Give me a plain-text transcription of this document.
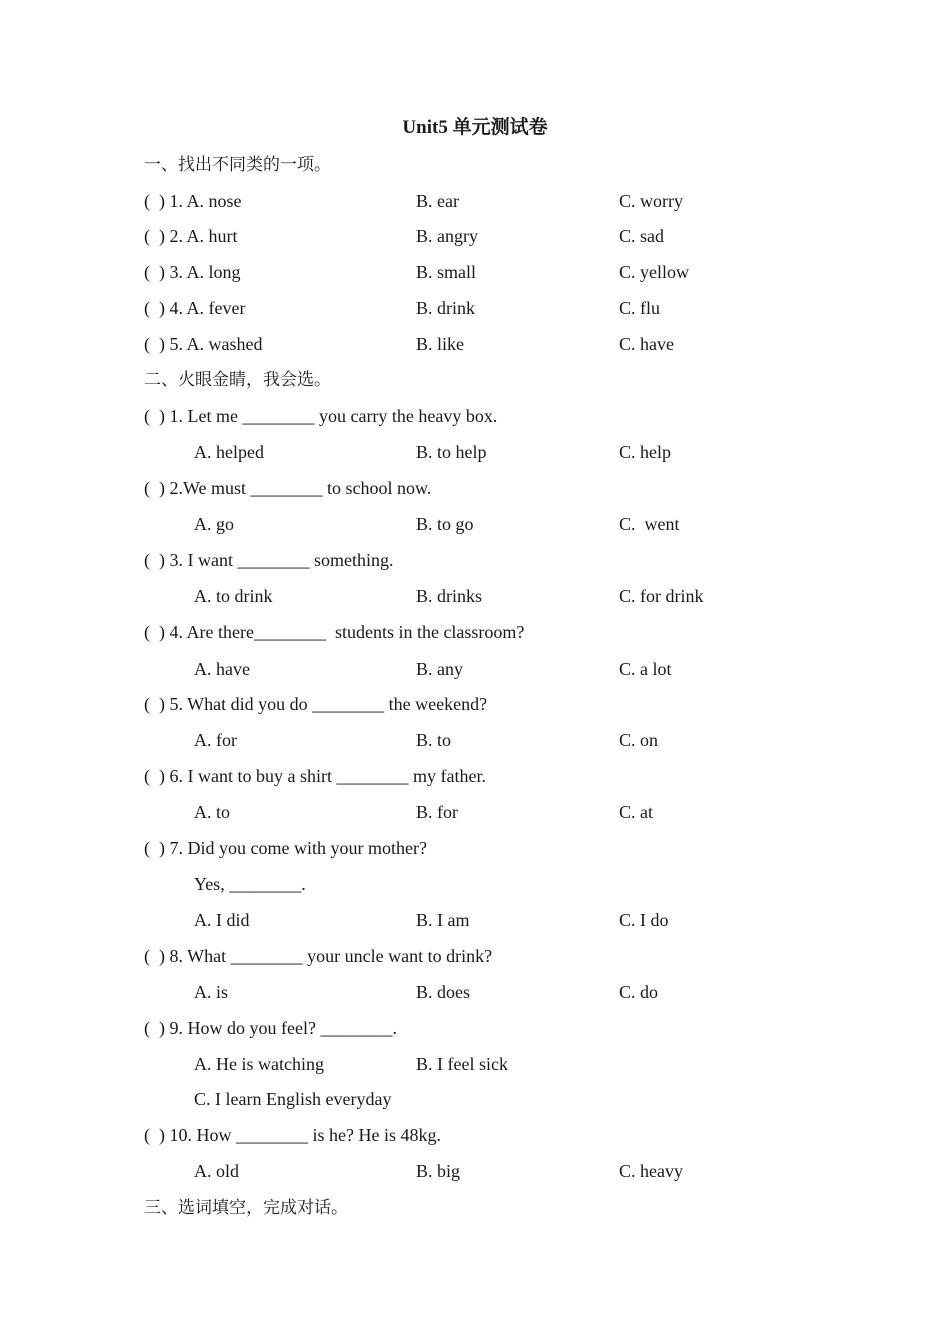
Unit5 单元测试卷
一、找出不同类的一项。
(  ) 1. A. nose	B. ear	C. worry
(  ) 2. A. hurt	B. angry	C. sad
(  ) 3. A. long	B. small	C. yellow
(  ) 4. A. fever	B. drink	C. flu
(  ) 5. A. washed	B. like	C. have
二、火眼金睛，我会选。
(  ) 1. Let me ________ you carry the heavy box.
A. helped	B. to help	C. help
(  ) 2.We must ________ to school now.
A. go	B. to go	C.  went
(  ) 3. I want ________ something.
A. to drink	B. drinks	C. for drink
(  ) 4. Are there________  students in the classroom?
A. have	B. any	C. a lot
(  ) 5. What did you do ________ the weekend?
A. for	B. to	C. on
(  ) 6. I want to buy a shirt ________ my father.
A. to	B. for	C. at
(  ) 7. Did you come with your mother?
Yes, ________.
A. I did	B. I am	C. I do
(  ) 8. What ________ your uncle want to drink?
A. is	B. does	C. do
(  ) 9. How do you feel? ________.
A. He is watching	B. I feel sick
C. I learn English everyday
(  ) 10. How ________ is he? He is 48kg.
A. old	B. big	C. heavy
三、选词填空，完成对话。
